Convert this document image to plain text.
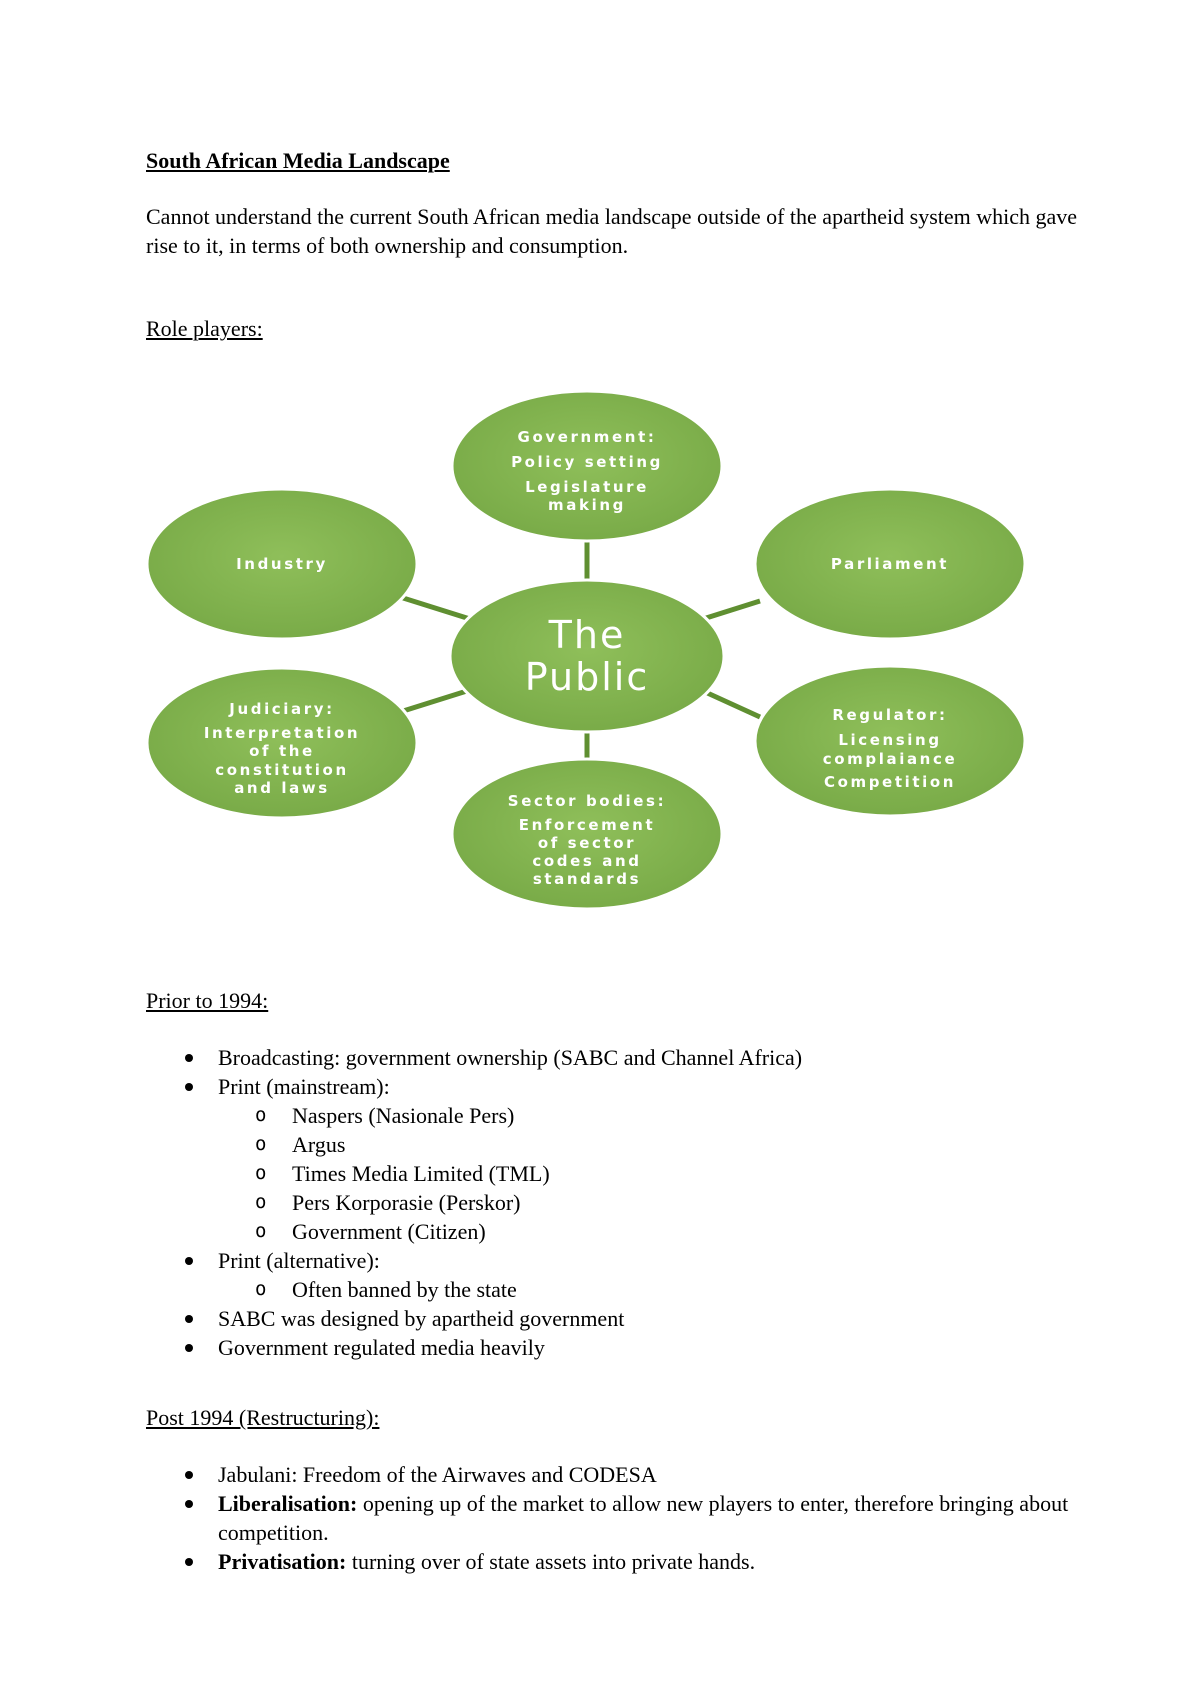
South African Media Landscape
Cannot understand the current South African media landscape outside of the apartheid system which gave rise to it, in terms of both ownership and consumption.
Role players:
Government:
Policy setting
Legislature
making
Parliament
Regulator:
Licensing
complaiance
Competition
Sector bodies:
Enforcement
of sector
codes and
standards
Judiciary:
Interpretation
of the
constitution
and laws
Industry
The
Public
Prior to 1994:
Broadcasting: government ownership (SABC and Channel Africa)
Print (mainstream):
o Naspers (Nasionale Pers)
o Argus
o Times Media Limited (TML)
o Pers Korporasie (Perskor)
o Government (Citizen)
Print (alternative):
o Often banned by the state
SABC was designed by apartheid government
Government regulated media heavily
Post 1994 (Restructuring):
Jabulani: Freedom of the Airwaves and CODESA
Liberalisation: opening up of the market to allow new players to enter, therefore bringing about competition.
Privatisation: turning over of state assets into private hands.
